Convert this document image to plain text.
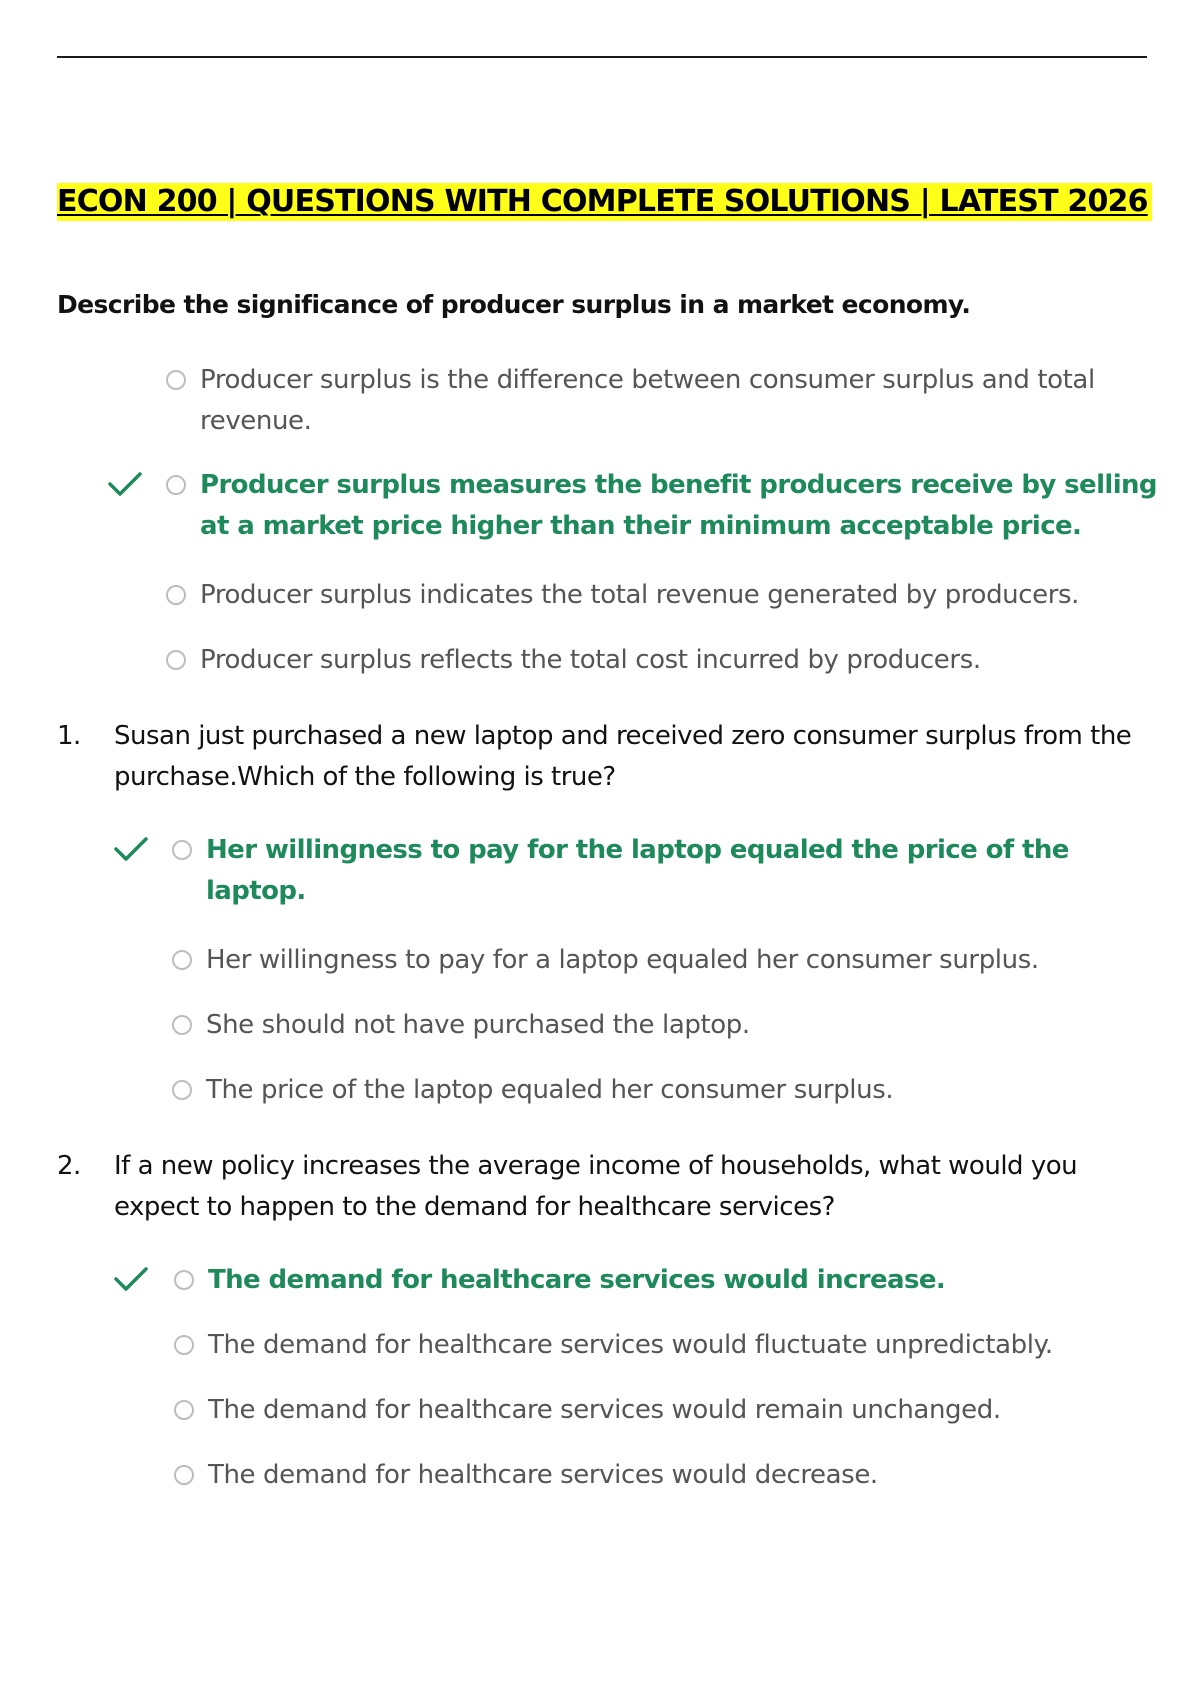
ECON 200 | QUESTIONS WITH COMPLETE SOLUTIONS | LATEST 2026
Describe the significance of producer surplus in a market economy.
Producer surplus is the difference between consumer surplus and total revenue.
Producer surplus measures the benefit producers receive by selling at a market price higher than their minimum acceptable price.
Producer surplus indicates the total revenue generated by producers.
Producer surplus reflects the total cost incurred by producers.
1. Susan just purchased a new laptop and received zero consumer surplus from the purchase.Which of the following is true?
Her willingness to pay for the laptop equaled the price of the laptop.
Her willingness to pay for a laptop equaled her consumer surplus.
She should not have purchased the laptop.
The price of the laptop equaled her consumer surplus.
2. If a new policy increases the average income of households, what would you expect to happen to the demand for healthcare services?
The demand for healthcare services would increase.
The demand for healthcare services would fluctuate unpredictably.
The demand for healthcare services would remain unchanged.
The demand for healthcare services would decrease.
